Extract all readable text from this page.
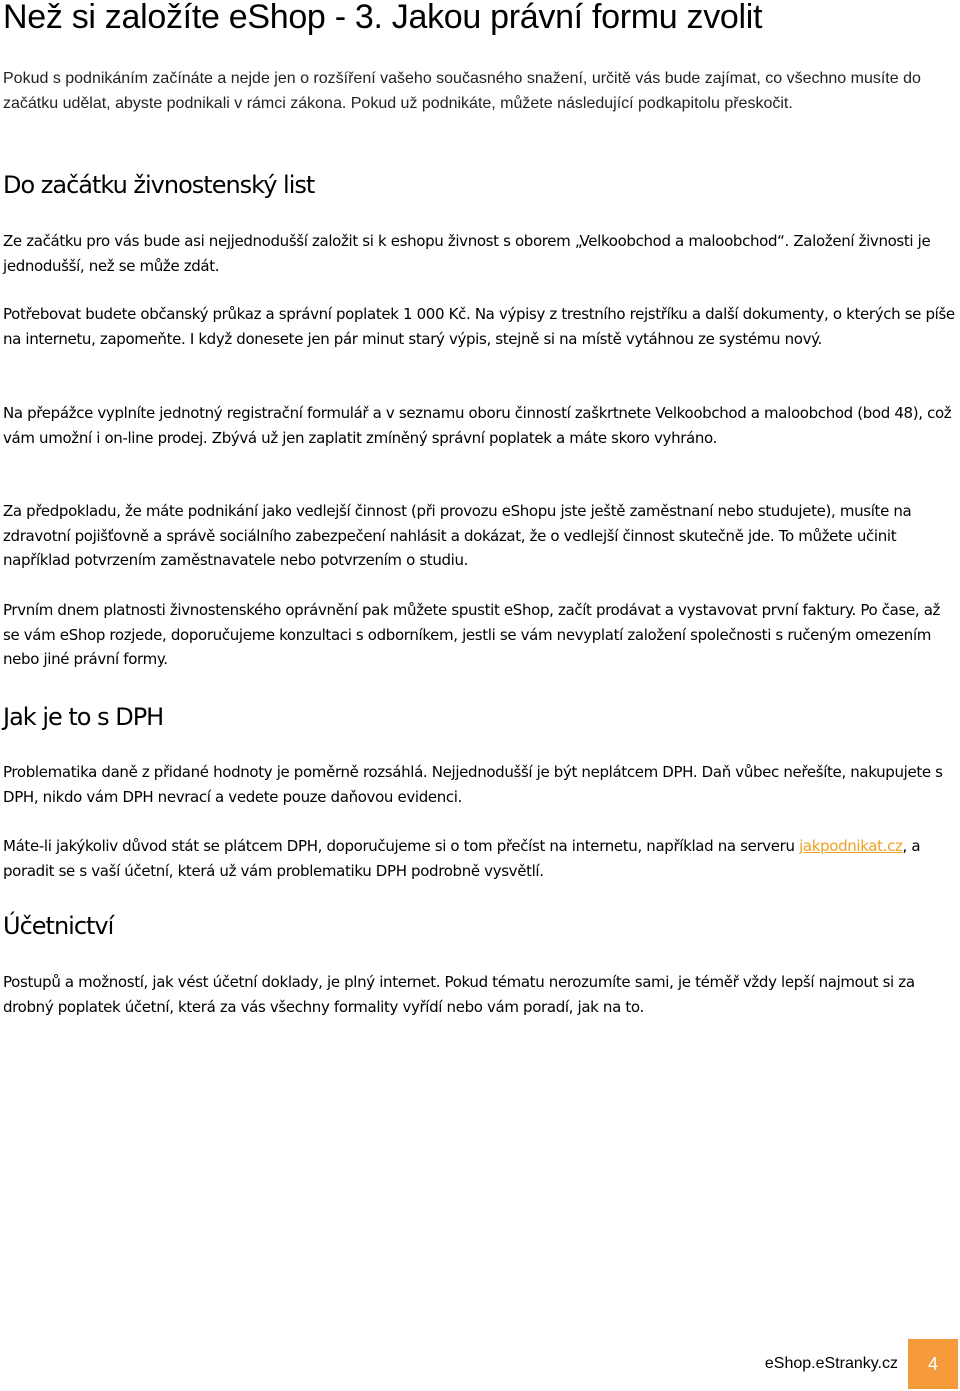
Než si založíte eShop - 3. Jakou právní formu zvolit

Pokud s podnikáním začínáte a nejde jen o rozšíření vašeho současného snažení, určitě vás bude zajímat, co všechno musíte do začátku udělat, abyste podnikali v rámci zákona. Pokud už podnikáte, můžete následující podkapitolu přeskočit.

Do začátku živnostenský list

Ze začátku pro vás bude asi nejjednodušší založit si k eshopu živnost s oborem „Velkoobchod a maloobchod“. Založení živnosti je jednodušší, než se může zdát.

Potřebovat budete občanský průkaz a správní poplatek 1 000 Kč. Na výpisy z trestního rejstříku a další dokumenty, o kterých se píše na internetu, zapomeňte. I když donesete jen pár minut starý výpis, stejně si na místě vytáhnou ze systému nový.

Na přepážce vyplníte jednotný registrační formulář a v seznamu oboru činností zaškrtnete Velkoobchod a maloobchod (bod 48), což vám umožní i on-line prodej. Zbývá už jen zaplatit zmíněný správní poplatek a máte skoro vyhráno.

Za předpokladu, že máte podnikání jako vedlejší činnost (při provozu eShopu jste ještě zaměstnaní nebo studujete), musíte na zdravotní pojišťovně a správě sociálního zabezpečení nahlásit a dokázat, že o vedlejší činnost skutečně jde. To můžete učinit například potvrzením zaměstnavatele nebo potvrzením o studiu.

Prvním dnem platnosti živnostenského oprávnění pak můžete spustit eShop, začít prodávat a vystavovat první faktury. Po čase, až se vám eShop rozjede, doporučujeme konzultaci s odborníkem, jestli se vám nevyplatí založení společnosti s ručeným omezením nebo jiné právní formy.

Jak je to s DPH

Problematika daně z přidané hodnoty je poměrně rozsáhlá. Nejjednodušší je být neplátcem DPH. Daň vůbec neřešíte, nakupujete s DPH, nikdo vám DPH nevrací a vedete pouze daňovou evidenci.

Máte-li jakýkoliv důvod stát se plátcem DPH, doporučujeme si o tom přečíst na internetu, například na serveru jakpodnikat.cz, a poradit se s vaší účetní, která už vám problematiku DPH podrobně vysvětlí.

Účetnictví

Postupů a možností, jak vést účetní doklady, je plný internet. Pokud tématu nerozumíte sami, je téměř vždy lepší najmout si za drobný poplatek účetní, která za vás všechny formality vyřídí nebo vám poradí, jak na to.

eShop.eStranky.cz	4
